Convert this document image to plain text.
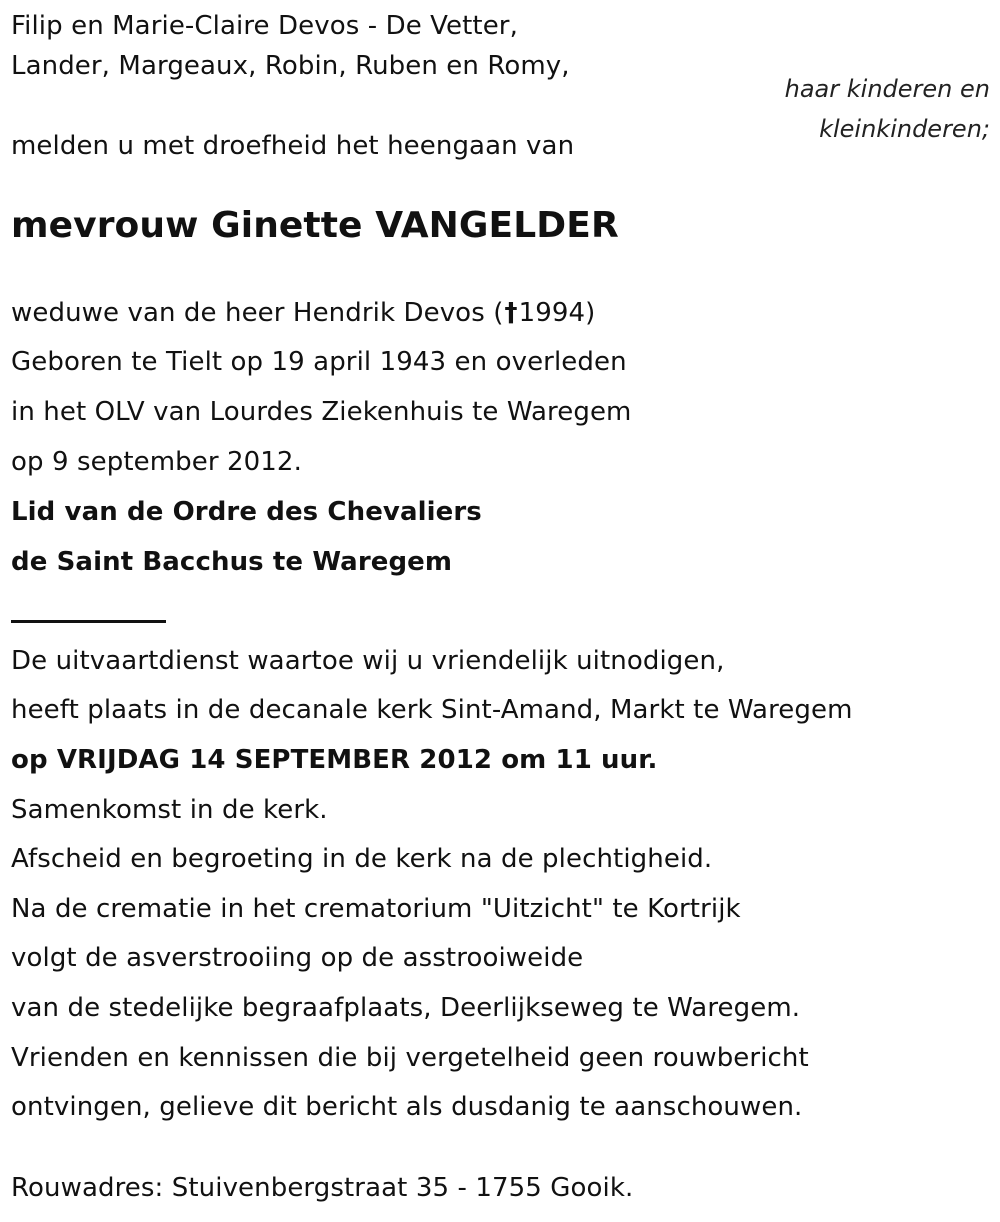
Filip en Marie-Claire Devos - De Vetter,
Lander, Margeaux, Robin, Ruben en Romy,
haar kinderen en
kleinkinderen;
melden u met droefheid het heengaan van
mevrouw Ginette VANGELDER
weduwe van de heer Hendrik Devos (†1994)
Geboren te Tielt op 19 april 1943 en overleden
in het OLV van Lourdes Ziekenhuis te Waregem
op 9 september 2012.
Lid van de Ordre des Chevaliers
de Saint Bacchus te Waregem
De uitvaartdienst waartoe wij u vriendelijk uitnodigen,
heeft plaats in de decanale kerk Sint-Amand, Markt te Waregem
op VRIJDAG 14 SEPTEMBER 2012 om 11 uur.
Samenkomst in de kerk.
Afscheid en begroeting in de kerk na de plechtigheid.
Na de crematie in het crematorium "Uitzicht" te Kortrijk
volgt de asverstrooiing op de asstrooiweide
van de stedelijke begraafplaats, Deerlijkseweg te Waregem.
Vrienden en kennissen die bij vergetelheid geen rouwbericht
ontvingen, gelieve dit bericht als dusdanig te aanschouwen.
Rouwadres: Stuivenbergstraat 35 - 1755 Gooik.
